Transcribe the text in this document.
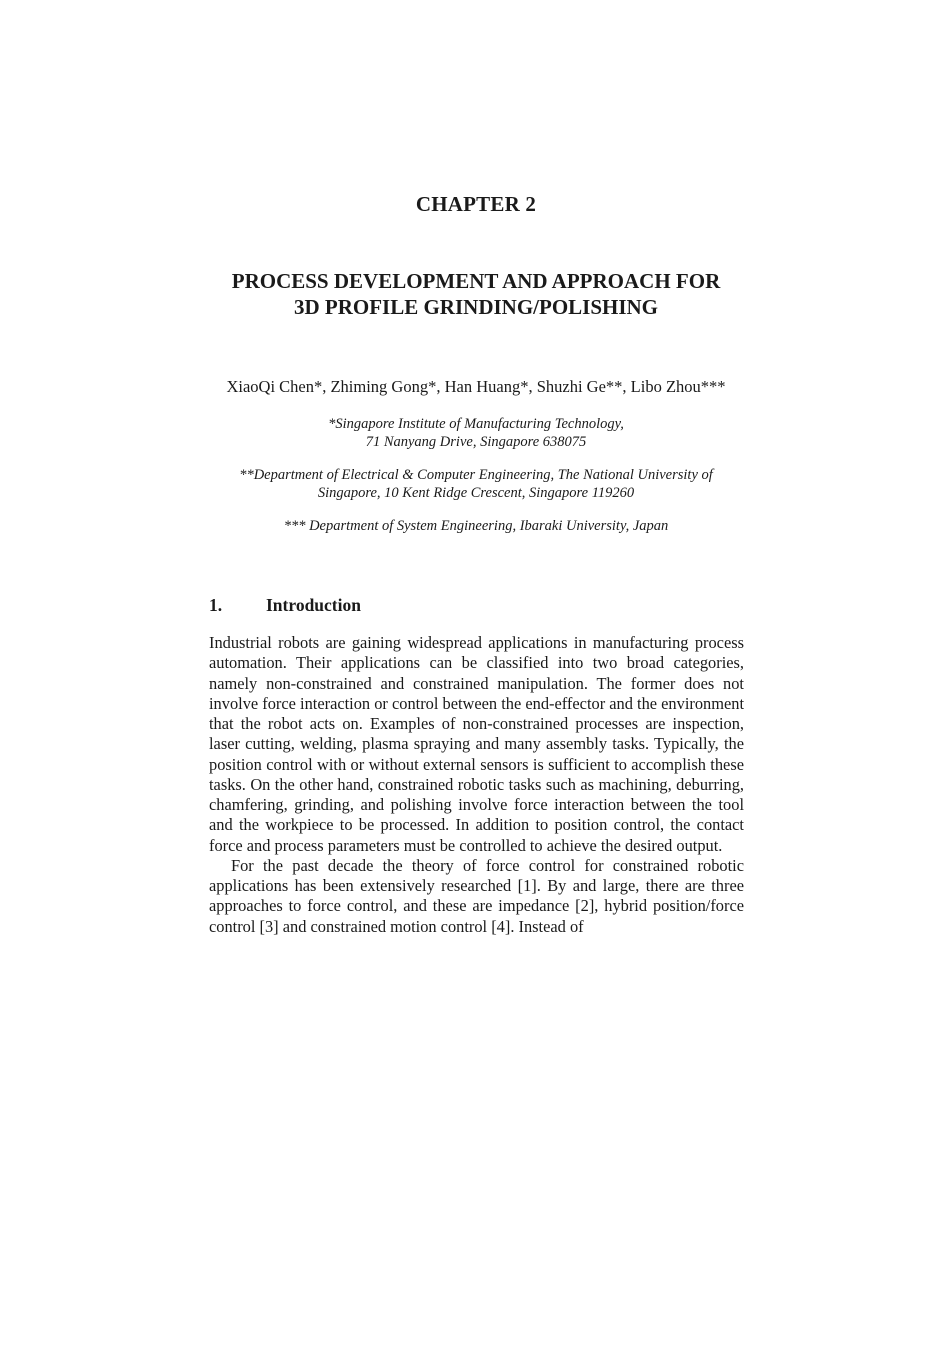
CHAPTER 2
PROCESS DEVELOPMENT AND APPROACH FOR
3D PROFILE GRINDING/POLISHING
XiaoQi Chen*, Zhiming Gong*, Han Huang*, Shuzhi Ge**, Libo Zhou***
*Singapore Institute of Manufacturing Technology,
71 Nanyang Drive, Singapore 638075
**Department of Electrical & Computer Engineering, The National University of
Singapore, 10 Kent Ridge Crescent, Singapore 119260
*** Department of System Engineering, Ibaraki University, Japan
1.	Introduction

Industrial robots are gaining widespread applications in manufacturing process automation. Their applications can be classified into two broad categories, namely non-constrained and constrained manipulation. The former does not involve force interaction or control between the end-effector and the environment that the robot acts on. Examples of non-constrained processes are inspection, laser cutting, welding, plasma spraying and many assembly tasks. Typically, the position control with or without external sensors is sufficient to accomplish these tasks. On the other hand, constrained robotic tasks such as machining, deburring, chamfering, grinding, and polishing involve force interaction between the tool and the workpiece to be processed. In addition to position control, the contact force and process parameters must be controlled to achieve the desired output.

For the past decade the theory of force control for constrained robotic applications has been extensively researched [1]. By and large, there are three approaches to force control, and these are impedance [2], hybrid position/force control [3] and constrained motion control [4]. Instead of
